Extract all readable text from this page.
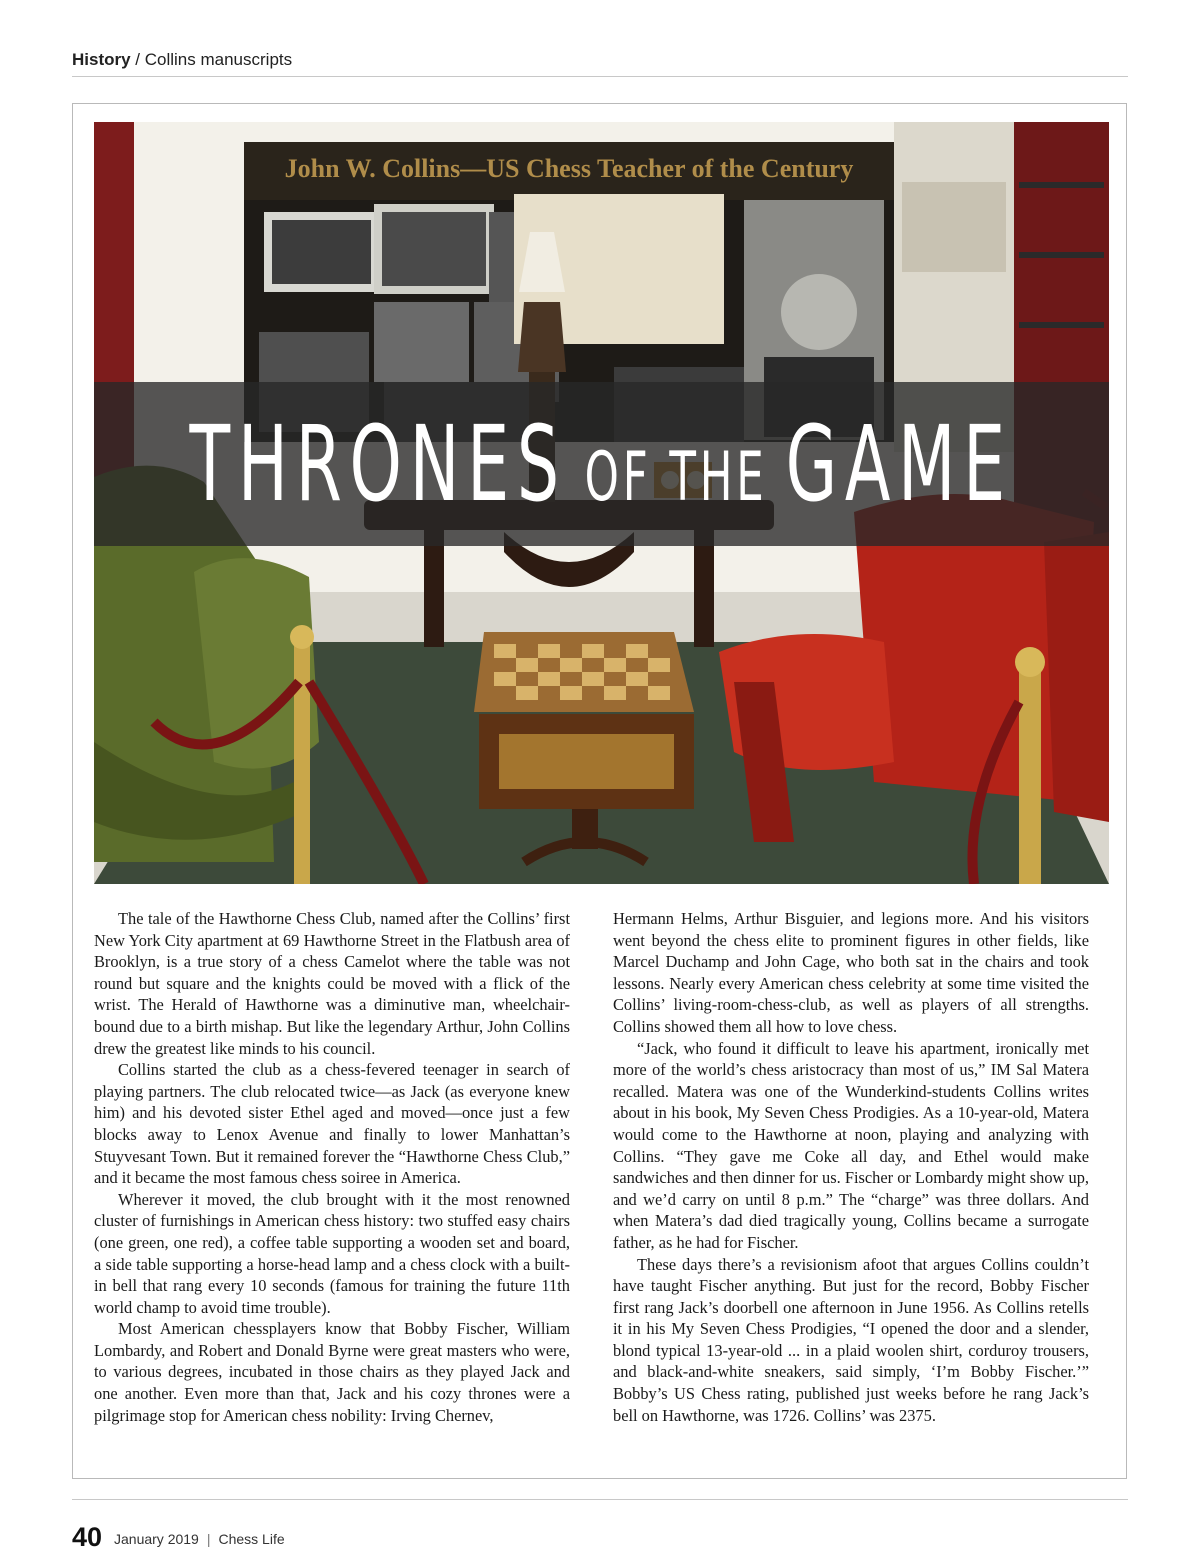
History / Collins manuscripts
John W. Collins—US Chess Teacher of the Century
THRONES OF THE GAME

The tale of the Hawthorne Chess Club, named after the Collins’ first New York City apartment at 69 Hawthorne Street in the Flatbush area of Brooklyn, is a true story of a chess Camelot where the table was not round but square and the knights could be moved with a flick of the wrist. The Herald of Hawthorne was a diminutive man, wheelchair-bound due to a birth mishap. But like the legendary Arthur, John Collins drew the greatest like minds to his council.

Collins started the club as a chess-fevered teenager in search of playing partners. The club relocated twice—as Jack (as everyone knew him) and his devoted sister Ethel aged and moved—once just a few blocks away to Lenox Avenue and finally to lower Manhattan’s Stuyvesant Town. But it remained forever the “Hawthorne Chess Club,” and it became the most famous chess soiree in America.

Wherever it moved, the club brought with it the most renowned cluster of furnishings in American chess history: two stuffed easy chairs (one green, one red), a coffee table supporting a wooden set and board, a side table supporting a horse-head lamp and a chess clock with a built-in bell that rang every 10 seconds (famous for training the future 11th world champ to avoid time trouble).

Most American chessplayers know that Bobby Fischer, William Lombardy, and Robert and Donald Byrne were great masters who were, to various degrees, incubated in those chairs as they played Jack and one another. Even more than that, Jack and his cozy thrones were a pilgrimage stop for American chess nobility: Irving Chernev,

Hermann Helms, Arthur Bisguier, and legions more. And his visitors went beyond the chess elite to prominent figures in other fields, like Marcel Duchamp and John Cage, who both sat in the chairs and took lessons. Nearly every American chess celebrity at some time visited the Collins’ living-room-chess-club, as well as players of all strengths. Collins showed them all how to love chess.

“Jack, who found it difficult to leave his apartment, ironically met more of the world’s chess aristocracy than most of us,” IM Sal Matera recalled. Matera was one of the Wunderkind-students Collins writes about in his book, My Seven Chess Prodigies. As a 10-year-old, Matera would come to the Hawthorne at noon, playing and analyzing with Collins. “They gave me Coke all day, and Ethel would make sandwiches and then dinner for us. Fischer or Lombardy might show up, and we’d carry on until 8 p.m.” The “charge” was three dollars. And when Matera’s dad died tragically young, Collins became a surrogate father, as he had for Fischer.

These days there’s a revisionism afoot that argues Collins couldn’t have taught Fischer anything. But just for the record, Bobby Fischer first rang Jack’s doorbell one afternoon in June 1956. As Collins retells it in his My Seven Chess Prodigies, “I opened the door and a slender, blond typical 13-year-old ... in a plaid woolen shirt, corduroy trousers, and black-and-white sneakers, said simply, ‘I’m Bobby Fischer.’” Bobby’s US Chess rating, published just weeks before he rang Jack’s bell on Hawthorne, was 1726. Collins’ was 2375.

40 January 2019 | Chess Life
